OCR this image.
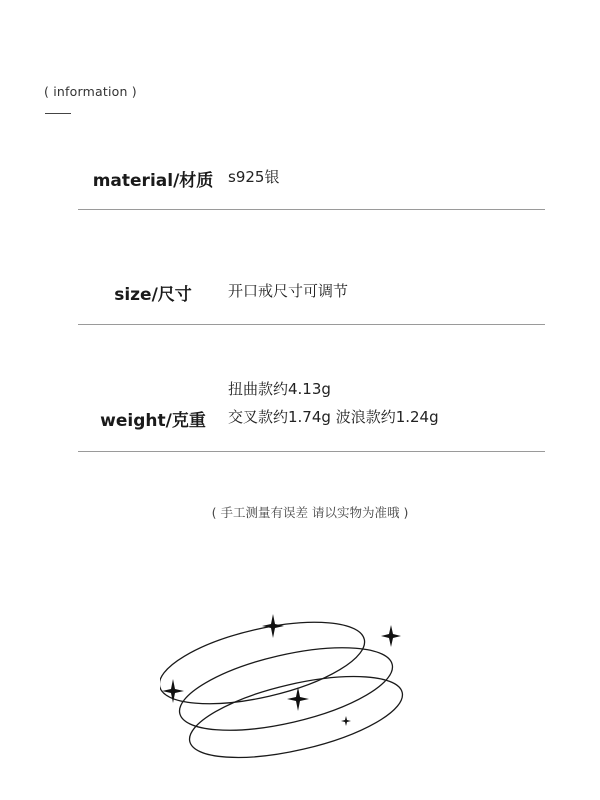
( information )
material/材质 s925银
size/尺寸	开口戒尺寸可调节
weight/克重
扭曲款约4.13g
交叉款约1.74g 波浪款约1.24g
( 手工测量有误差 请以实物为准哦 )
